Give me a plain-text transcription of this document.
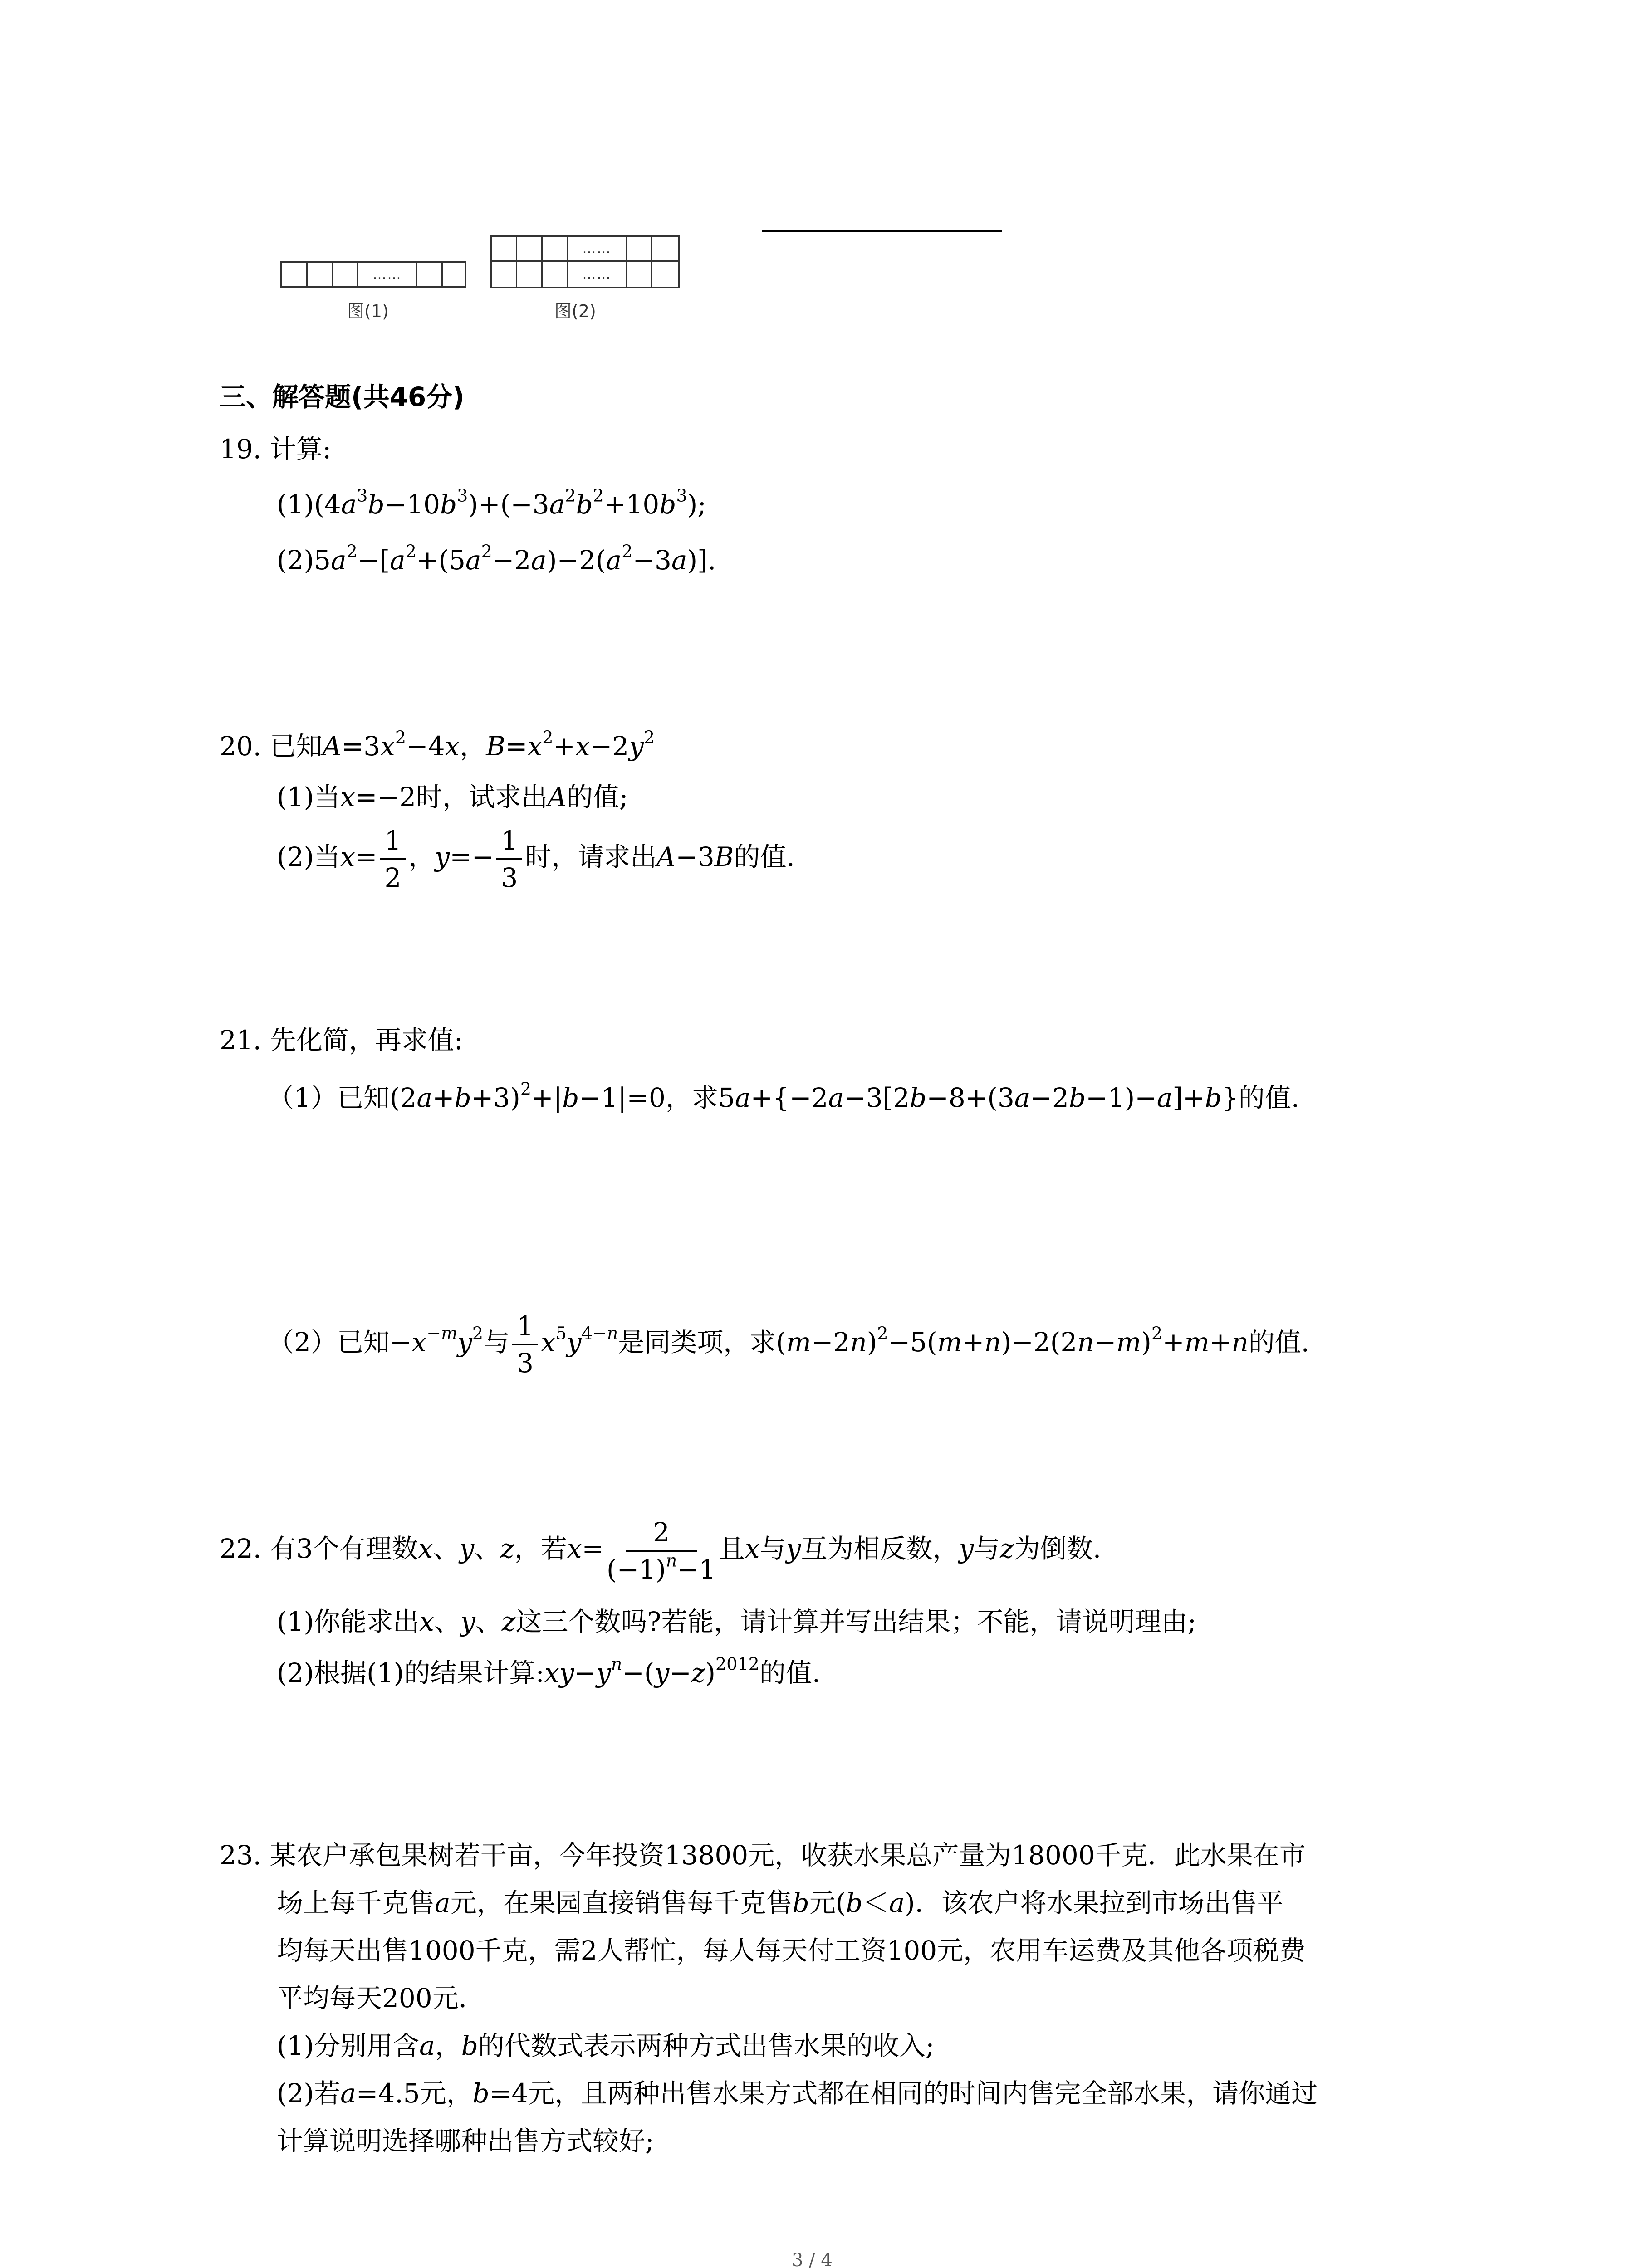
……
图(1)
……
……
图(2)
三、解答题(共46分)
19. 计算:
$(1)(4a^3b-10b^3)+(-3a^2b^2+10b^3)$;
$(2)5a^2-[a^2+(5a^2-2a)-2(a^2-3a)]$.
20. 已知$A=3x^2-4x$，$B=x^2+x-2y^2$
(1)当x=−2时，试求出A的值;
(2)当$x= \frac{1}{2}$ ，$y=- \frac{1}{3}$ 时，请求出A−3B的值.
21. 先化简，再求值:
（1）已知$(2a+b+3)^2+|b-1|=0$，求5a+{−2a−3[2b−8+(3a−2b−1)−a]+b}的值.
（2）已知$-x^{-m}y^2$与 $\frac{1}{3} x^5y^{4-n}$是同类项，求$(m-2n)^2-5(m+n)-2(2n-m)^2+m+n$的值.
22. 有3个有理数x、y、z，若$x= \frac{2}{(-1)^n-1}$ 且x与y互为相反数，y与z为倒数.
(1)你能求出x、y、z这三个数吗?若能，请计算并写出结果；不能，请说明理由;
(2)根据(1)的结果计算$:xy-y^n-(y-z)^{2012}$的值.
23. 某农户承包果树若干亩，今年投资13800元，收获水果总产量为18000千克．此水果在市
场上每千克售a元，在果园直接销售每千克售b元(b＜a)．该农户将水果拉到市场出售平
均每天出售1000千克，需2人帮忙，每人每天付工资100元，农用车运费及其他各项税费
平均每天200元．
(1)分别用含a，b的代数式表示两种方式出售水果的收入;
(2)若a=4.5元，b=4元，且两种出售水果方式都在相同的时间内售完全部水果，请你通过
计算说明选择哪种出售方式较好;
3 / 4
